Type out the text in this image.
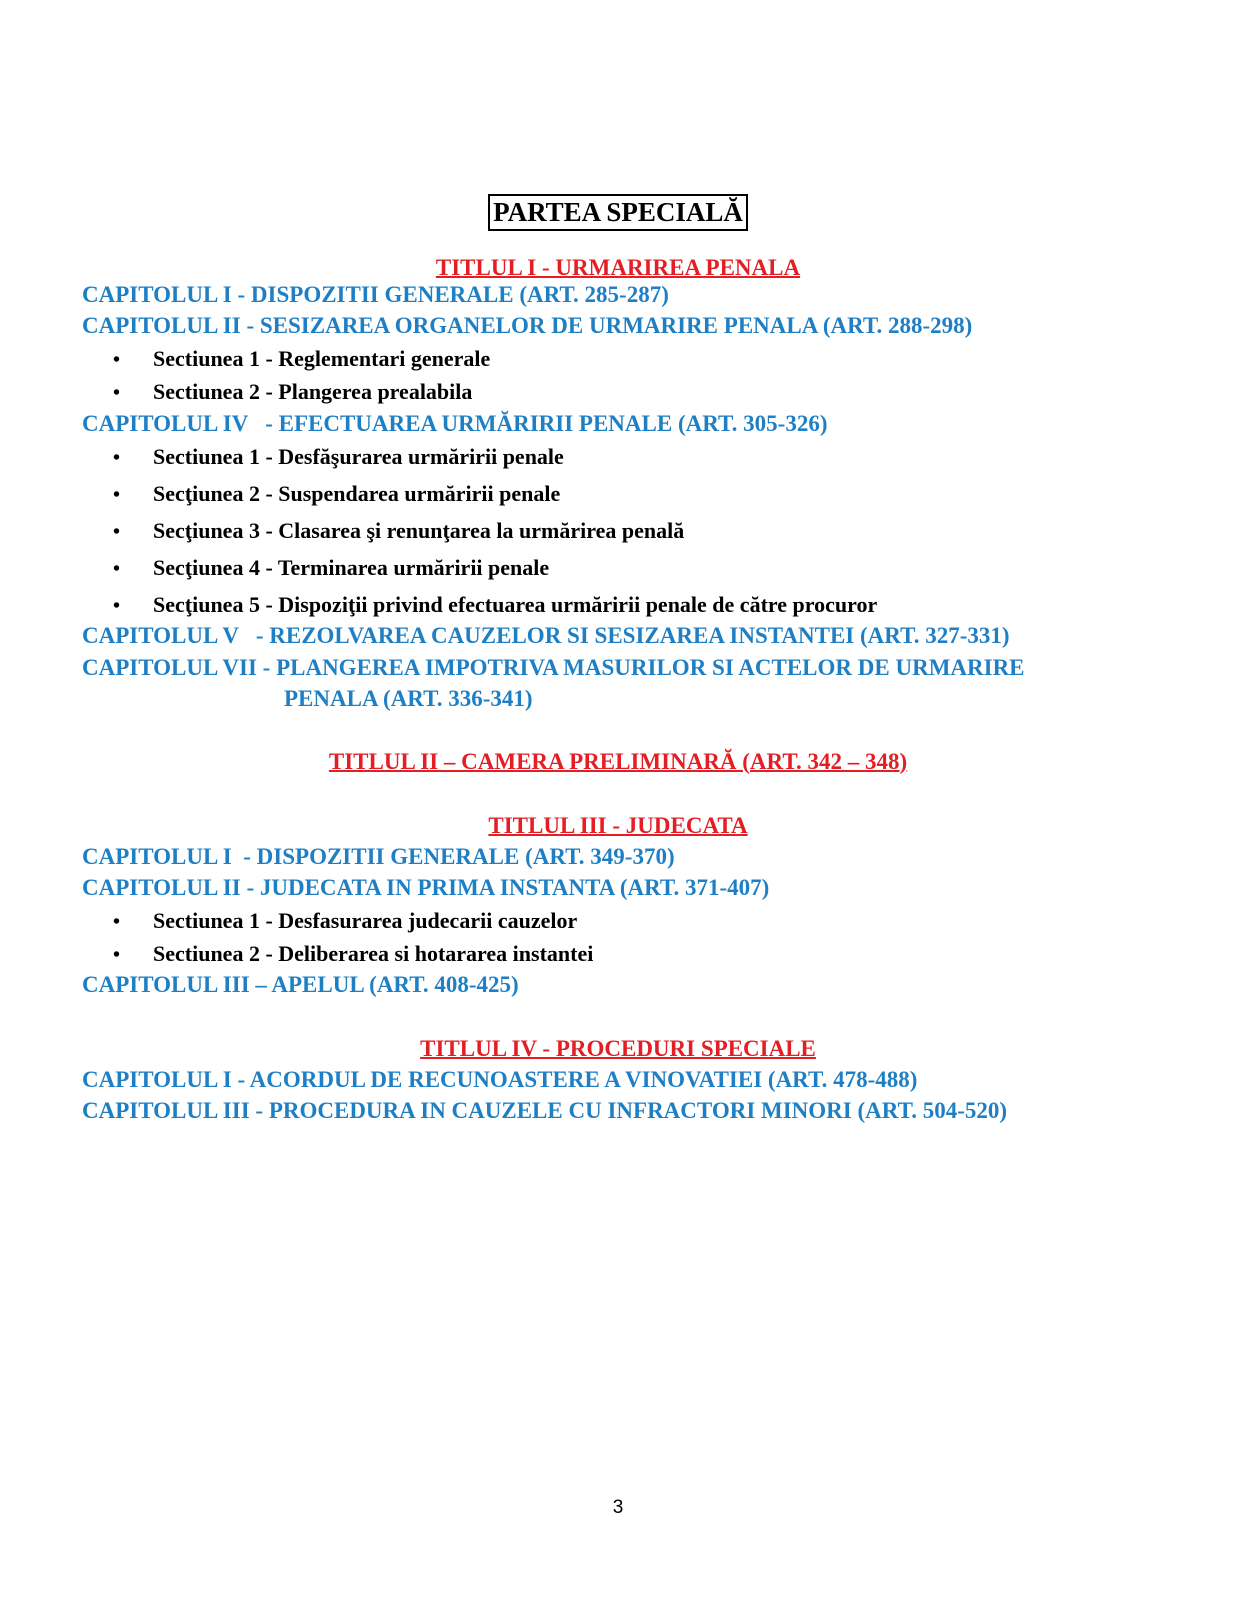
PARTEA SPECIALĂ
TITLUL I - URMARIREA PENALA
CAPITOLUL I - DISPOZITII GENERALE (ART. 285-287)
CAPITOLUL II - SESIZAREA ORGANELOR DE URMARIRE PENALA (ART. 288-298)
• Sectiunea 1 - Reglementari generale
• Sectiunea 2 - Plangerea prealabila
CAPITOLUL IV   - EFECTUAREA URMĂRIRII PENALE (ART. 305-326)
• Sectiunea 1 - Desfăşurarea urmăririi penale
• Secţiunea 2 - Suspendarea urmăririi penale
• Secţiunea 3 - Clasarea şi renunţarea la urmărirea penală
• Secţiunea 4 - Terminarea urmăririi penale
• Secţiunea 5 - Dispoziţii privind efectuarea urmăririi penale de către procuror
CAPITOLUL V   - REZOLVAREA CAUZELOR SI SESIZAREA INSTANTEI (ART. 327-331)
CAPITOLUL VII - PLANGEREA IMPOTRIVA MASURILOR SI ACTELOR DE URMARIRE
PENALA (ART. 336-341)
TITLUL II – CAMERA PRELIMINARĂ (ART. 342 – 348)
TITLUL III - JUDECATA
CAPITOLUL I  - DISPOZITII GENERALE (ART. 349-370)
CAPITOLUL II - JUDECATA IN PRIMA INSTANTA (ART. 371-407)
• Sectiunea 1 - Desfasurarea judecarii cauzelor
• Sectiunea 2 - Deliberarea si hotararea instantei
CAPITOLUL III – APELUL (ART. 408-425)
TITLUL IV - PROCEDURI SPECIALE
CAPITOLUL I - ACORDUL DE RECUNOASTERE A VINOVATIEI (ART. 478-488)
CAPITOLUL III - PROCEDURA IN CAUZELE CU INFRACTORI MINORI (ART. 504-520)
3
